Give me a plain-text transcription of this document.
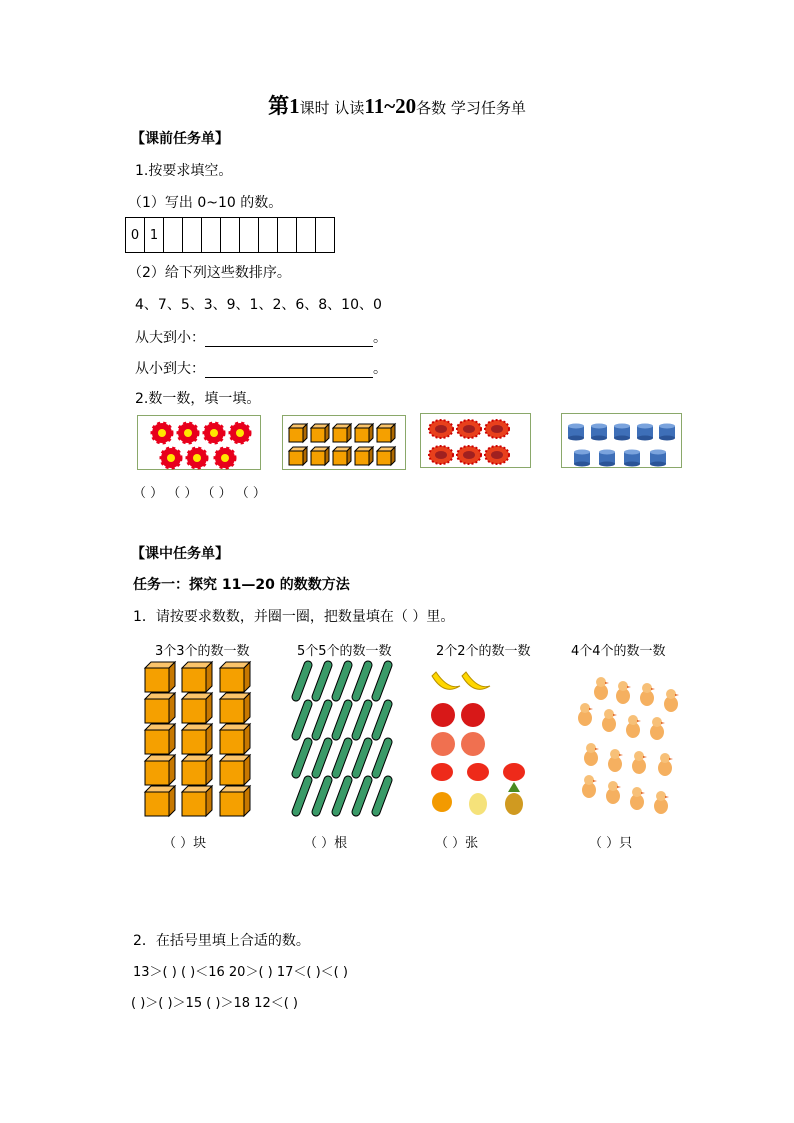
第1课时 认读11~20各数 学习任务单
【课前任务单】
1.按要求填空。
（1）写出 0~10 的数。
0	1									
（2）给下列这些数排序。
4、7、5、3、9、1、2、6、8、10、0
从大到小：	。
从小到大：	。
2.数一数，填一填。
（ ） （ ） （ ） （ ）
【课中任务单】
任务一：探究 11—20 的数数方法
1．请按要求数数，并圈一圈，把数量填在（ ）里。
3个3个的数一数	5个5个的数一数	2个2个的数一数	4个4个的数一数
（ ）块	（ ）根	（ ）张	（ ）只
2．在括号里填上合适的数。
13＞( ) ( )＜16 20＞( ) 17＜( )＜( )
( )＞( )＞15 ( )＞18 12＜( )
